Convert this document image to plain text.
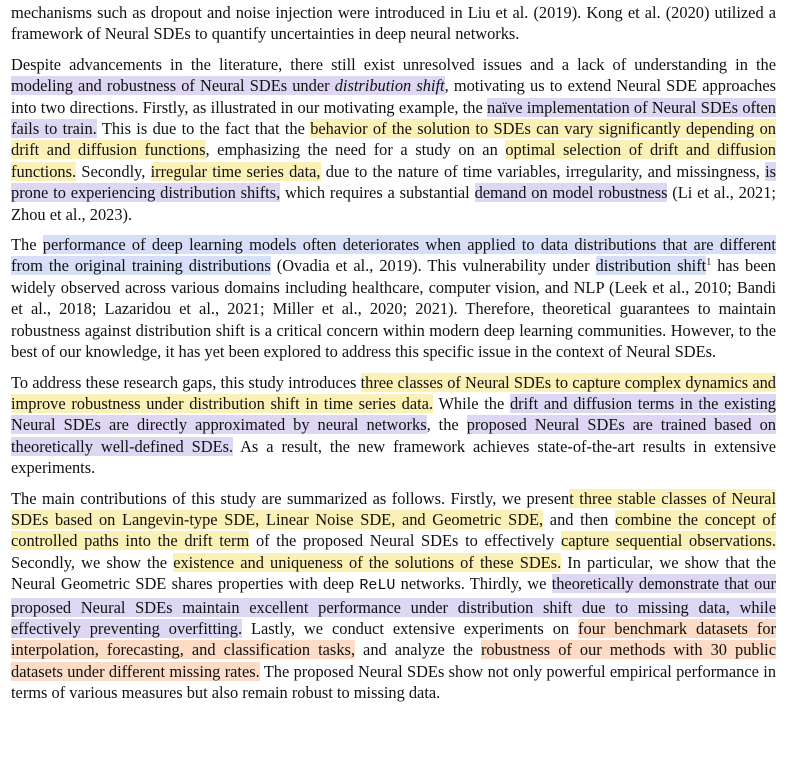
mechanisms such as dropout and noise injection were introduced in Liu et al. (2019). Kong et al. (2020) utilized a framework of Neural SDEs to quantify uncertainties in deep neural networks.

Despite advancements in the literature, there still exist unresolved issues and a lack of understanding in the modeling and robustness of Neural SDEs under distribution shift, motivating us to extend Neural SDE approaches into two directions. Firstly, as illustrated in our motivating example, the naïve implementation of Neural SDEs often fails to train. This is due to the fact that the behavior of the solution to SDEs can vary significantly depending on drift and diffusion functions, emphasizing the need for a study on an optimal selection of drift and diffusion functions. Secondly, irregular time series data, due to the nature of time variables, irregularity, and missingness, is prone to experiencing distribution shifts, which requires a substantial demand on model robustness (Li et al., 2021; Zhou et al., 2023).

The performance of deep learning models often deteriorates when applied to data distributions that are different from the original training distributions (Ovadia et al., 2019). This vulnerability under distribution shift$^1$ has been widely observed across various domains including healthcare, computer vision, and NLP (Leek et al., 2010; Bandi et al., 2018; Lazaridou et al., 2021; Miller et al., 2020; 2021). Therefore, theoretical guarantees to maintain robustness against distribution shift is a critical concern within modern deep learning communities. However, to the best of our knowledge, it has yet been explored to address this specific issue in the context of Neural SDEs.

To address these research gaps, this study introduces three classes of Neural SDEs to capture complex dynamics and improve robustness under distribution shift in time series data. While the drift and diffusion terms in the existing Neural SDEs are directly approximated by neural networks, the proposed Neural SDEs are trained based on theoretically well-defined SDEs. As a result, the new framework achieves state-of-the-art results in extensive experiments.

The main contributions of this study are summarized as follows. Firstly, we present three stable classes of Neural SDEs based on Langevin-type SDE, Linear Noise SDE, and Geometric SDE, and then combine the concept of controlled paths into the drift term of the proposed Neural SDEs to effectively capture sequential observations. Secondly, we show the existence and uniqueness of the solutions of these SDEs. In particular, we show that the Neural Geometric SDE shares properties with deep ReLU networks. Thirdly, we theoretically demonstrate that our proposed Neural SDEs maintain excellent performance under distribution shift due to missing data, while effectively preventing overfitting. Lastly, we conduct extensive experiments on four benchmark datasets for interpolation, forecasting, and classification tasks, and analyze the robustness of our methods with 30 public datasets under different missing rates. The proposed Neural SDEs show not only powerful empirical performance in terms of various measures but also remain robust to missing data.
